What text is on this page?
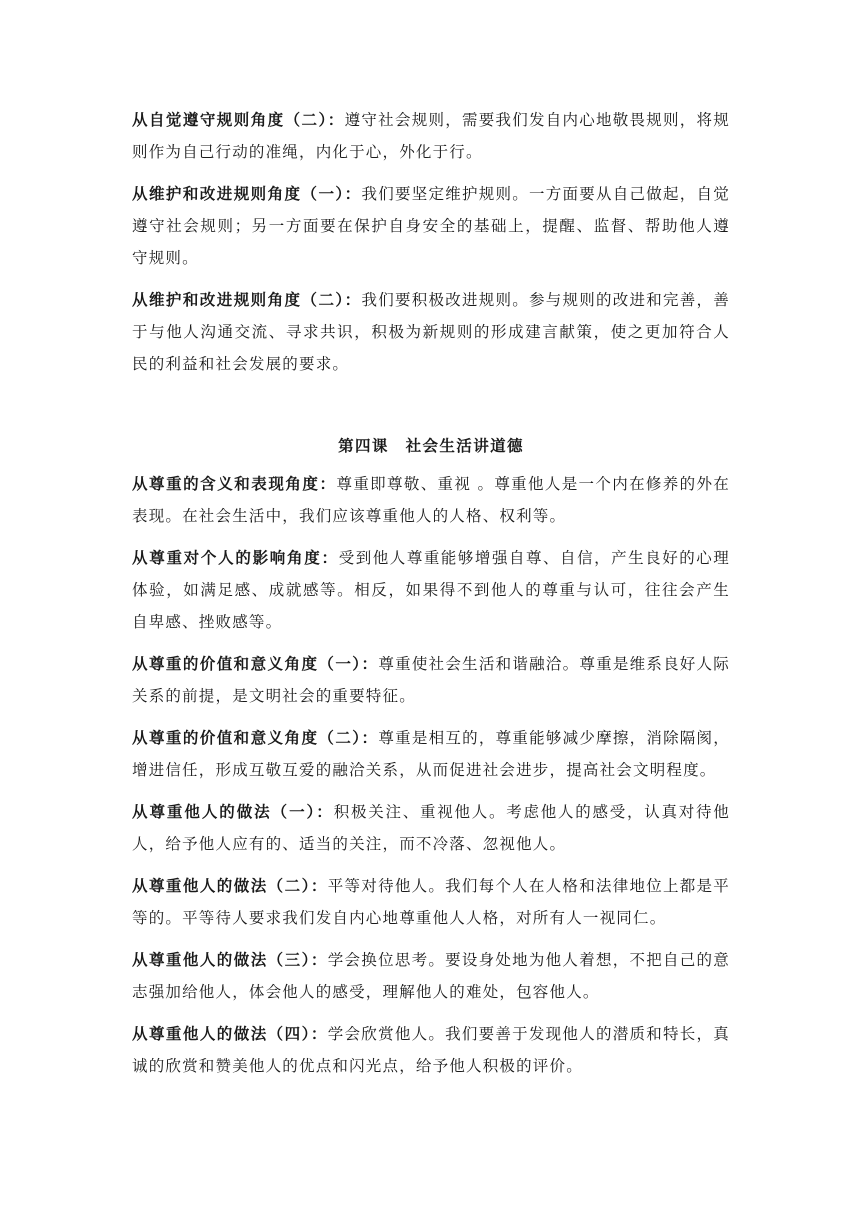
从自觉遵守规则角度（二）：遵守社会规则，需要我们发自内心地敬畏规则，将规则作为自己行动的准绳，内化于心，外化于行。

从维护和改进规则角度（一）：我们要坚定维护规则。一方面要从自己做起，自觉遵守社会规则；另一方面要在保护自身安全的基础上，提醒、监督、帮助他人遵守规则。

从维护和改进规则角度（二）：我们要积极改进规则。参与规则的改进和完善，善于与他人沟通交流、寻求共识，积极为新规则的形成建言献策，使之更加符合人民的利益和社会发展的要求。

第四课 社会生活讲道德

从尊重的含义和表现角度：尊重即尊敬、重视 。尊重他人是一个内在修养的外在表现。在社会生活中，我们应该尊重他人的人格、权利等。

从尊重对个人的影响角度：受到他人尊重能够增强自尊、自信，产生良好的心理体验，如满足感、成就感等。相反，如果得不到他人的尊重与认可，往往会产生自卑感、挫败感等。

从尊重的价值和意义角度（一）：尊重使社会生活和谐融洽。尊重是维系良好人际关系的前提，是文明社会的重要特征。

从尊重的价值和意义角度（二）：尊重是相互的，尊重能够减少摩擦，消除隔阂，增进信任，形成互敬互爱的融洽关系，从而促进社会进步，提高社会文明程度。

从尊重他人的做法（一）：积极关注、重视他人。考虑他人的感受，认真对待他人，给予他人应有的、适当的关注，而不冷落、忽视他人。

从尊重他人的做法（二）：平等对待他人。我们每个人在人格和法律地位上都是平等的。平等待人要求我们发自内心地尊重他人人格，对所有人一视同仁。

从尊重他人的做法（三）：学会换位思考。要设身处地为他人着想，不把自己的意志强加给他人，体会他人的感受，理解他人的难处，包容他人。

从尊重他人的做法（四）：学会欣赏他人。我们要善于发现他人的潜质和特长，真诚的欣赏和赞美他人的优点和闪光点，给予他人积极的评价。
